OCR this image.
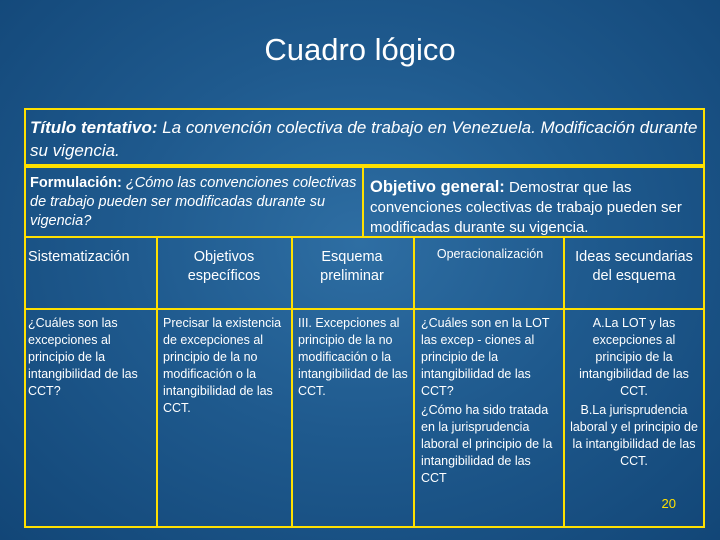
Cuadro lógico
Título tentativo: La convención colectiva de trabajo en Venezuela. Modificación durante su vigencia.
Formulación: ¿Cómo las convenciones colectivas de trabajo pueden ser modificadas durante su vigencia?
Objetivo general: Demostrar que las convenciones colectivas de trabajo pueden ser modificadas durante su vigencia.
Sistematización	Objetivos específicos
Esquema preliminar
Operacionalización	Ideas secundarias del esquema
¿Cuáles son las excepciones al principio de la intangibilidad de las CCT?
Precisar la existencia de excepciones al principio de la no modificación o la intangibilidad de las CCT.
III. Excepciones al principio de la no modificación o la intangibilidad de las CCT.
¿Cuáles son en la LOT las excep - ciones al principio de la intangibilidad de las CCT?
¿Cómo ha sido tratada en la jurisprudencia laboral el principio de la intangibilidad de las CCT
A.La LOT y las excepciones al principio de la intangibilidad de las CCT.
B.La jurisprudencia laboral y el principio de la intangibilidad de las CCT.
20
